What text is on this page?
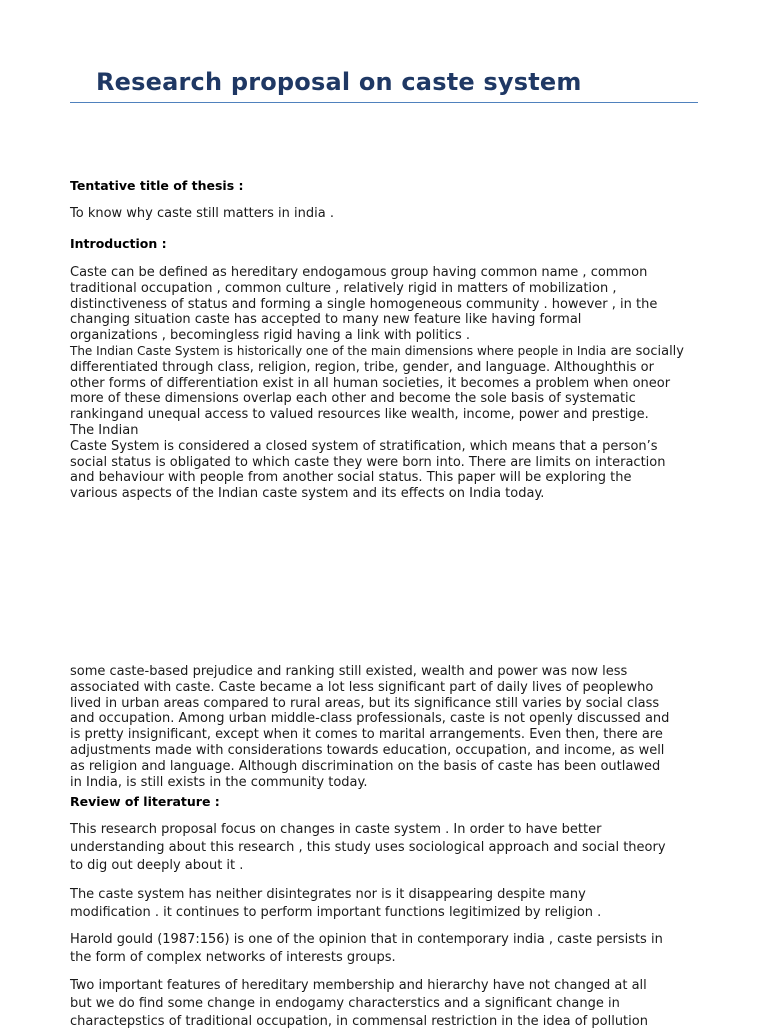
Research proposal on caste system
Tentative title of thesis :
To know why caste still matters in india .
Introduction :
Caste can be defined as hereditary endogamous group having common name , common
traditional occupation , common culture , relatively rigid in matters of mobilization ,
distinctiveness of status and forming a single homogeneous community . however , in the
changing situation caste has accepted to many new feature like having formal
organizations , becomingless rigid having a link with politics .
The Indian Caste System is historically one of the main dimensions where people in India are socially
differentiated through class, religion, region, tribe, gender, and language. Althoughthis or
other forms of differentiation exist in all human societies, it becomes a problem when oneor
more of these dimensions overlap each other and become the sole basis of systematic
rankingand unequal access to valued resources like wealth, income, power and prestige.
The Indian
Caste System is considered a closed system of stratification, which means that a person’s
social status is obligated to which caste they were born into. There are limits on interaction
and behaviour with people from another social status. This paper will be exploring the
various aspects of the Indian caste system and its effects on India today.
some caste-based prejudice and ranking still existed, wealth and power was now less
associated with caste. Caste became a lot less significant part of daily lives of peoplewho
lived in urban areas compared to rural areas, but its significance still varies by social class
and occupation. Among urban middle-class professionals, caste is not openly discussed and
is pretty insignificant, except when it comes to marital arrangements. Even then, there are
adjustments made with considerations towards education, occupation, and income, as well
as religion and language. Although discrimination on the basis of caste has been outlawed
in India, is still exists in the community today.
Review of literature :
This research proposal focus on changes in caste system . In order to have better
understanding about this research , this study uses sociological approach and social theory
to dig out deeply about it .
The caste system has neither disintegrates nor is it disappearing despite many
modification . it continues to perform important functions legitimized by religion .
Harold gould (1987:156) is one of the opinion that in contemporary india , caste persists in
the form of complex networks of interests groups.
Two important features of hereditary membership and hierarchy have not changed at all
but we do find some change in endogamy characterstics and a significant change in
charactерstics of traditional occupation, in commensal restriction in the idea of pollution
